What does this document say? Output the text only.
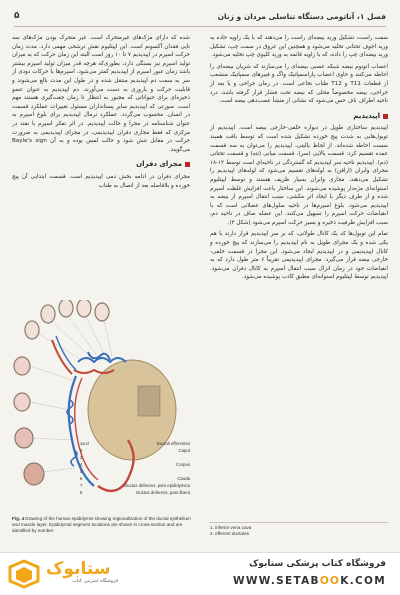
فصل ۱، آناتومی دستگاه تناسلی مردان و زنان
۵

سمت راست، تشکیل ورید بیضه‌ای راست را می‌دهند که با یک زاویه حاده به ورید اجوف تحتانی تخلیه می‌شود و همچنین این عروق در سمت چپ، تشکیل ورید بیضه‌ای چپ را داده، که با زاویه قائمه به ورید کلیوی چپ تخلیه می‌شود.

اعصاب اتونوم بیضه شبکه عصبی بیضه‌ای را می‌سازند که شریان بیضه‌ای را احاطه می‌کنند و حاوی اعصاب پاراسمپاتیک واگ و فیبرهای سمپاتیک منشعب از قطعات T11 و T12 طناب نخاعی است. در زمان جراحی و یا بعد از جراحی، بیضه مخصوصاً محلی که بیضه تحت فشار قرار گرفته باشد، درد ناحیه اطراف ناف حس می‌شود که نشانی از منشأ عصب‌دهی بیضه است.

اپیدیدیم

اپیدیدیم ساختاری طویل در دیواره خلفی-خارجی بیضه است. اپیدیدیم از توبول‌هایی به شدت پیچ خورده تشکیل شده است که توسط بافت همبند سست احاطه شده‌اند. از لحاظ بالینی، اپیدیدیم را می‌توان به سه قسمت عمده تقسیم کرد: قسمت بالایی (سر)، قسمت میانی (تنه) و قسمت تحتانی (دم). اپیدیدیم ناحیه سر اپیدیدیم که گستردگی در ناحیه‌ای است توسط ۱۲-۱۸ مجرای وابران (اراقن) به لوله‌های تقسیم می‌شود که لوله‌های اپیدیدیم را تشکیل می‌دهند. مجاری وابران بسیار ظریف هستند و توسط اپیتلیوم استوانه‌ای مژه‌دار پوشیده می‌شوند. این ساختار باعث افزایش غلظت اسپرم شده و از طرف دیگر با ایجاد اثر مکشی، سبب انتقال اسپرم از بیضه به اپیدیدیم می‌شود. بلوغ اسپرم‌ها در ناحیه سلول‌های عضلانی است که با انقباضات حرکت اسپرم را تسهیل می‌کنند. این عضله صاف در ناحیه دم، سبب افزایش ظرفیت ذخیره و بسیر حرکت اسپرم می‌شود (شکل ۴).

تمام این توبول‌ها که یک کانال طولانی، که بر سر اپیدیدیم قرار دارند با هم یکی شده و یک مجرای طویل به نام اپیدیدیم را می‌سازند که پیچ خورده و کانال اپیدیدیمی و در اپیدیدیم ایجاد می‌شود. این مجرا در قسمت خلفی-خارجی بیضه قرار می‌گیرد. مجرای اپیدیدیمی تقریباً ۶ متر طول دارد که به انقباضات خود در زمان انزال سبب انتقال اسپرم به کانال دفران می‌شود. اپیدیدیم توسط اپیتلیوم استوانه‌ای مطبق کاذب پوشیده می‌شود.

شده که دارای مژک‌های غیرمتحرک است. غیر متحرک بودن مژک‌های سه تایی فقدان آکسونم است. این اپیتلیوم نقش ترشحی مهمی دارد. مدت زمان حرکت اسپرم در اپیدیدیم ۷ تا ۱۰ روز است البته این زمان حرکت که به میزان تولید اسپرم نیز بستگی دارد، بطوری‌که هرچه قدر میزان تولید اسپرم بیشتر باشد زمان عبور اسپرم از اپیدیدیم کمتر می‌شود. اسپرم‌ها با حرکات دودی از سر به سمت دم اپیدیدیم منتقل شده و در طول این مدت بالغ می‌شوند و قابلیت حرکت و باروری به دست می‌آورند. دم اپیدیدیم به عنوان عضو ذخیره‌ای برای حیواناتی که مجبور به انتظار تا زمان جفت‌گیری هستند مهم است. صورتی که اپیدیدیم سایر پستانداران مسئول تغییرات عملکرد قسمت در انسان. محسوب می‌گردد. عملکرد نرمال اپیدیدیم برای بلوغ اسپرم به عنوان شناسنامه در مجرا و حالت اپیدیدیم. در اثر تفکر اسپرم با نفتد در مرکزی که فقط مجاری دفران اپیدیدیمی، در مجرای اپیدیدیمی به ضرورت حرکت در مقابل تنش شود و حالت لمس بوده و به آن Bayle's sign می‌گویند.

مجرای دفران

مجرای دفران در ادامه بخش دمی اپیدیدیم است. قسمت ابتدایی آن پیچ خورده و بلافاصله بعد از اتصال به طناب

1a-d	Ductuli efferentes
2	Caput
3
4	Corpus
5
6	Cauda
7	Ductus deferens, pars epididymica
8	Ductus deferens, pars libera
Fig. 4 Drawing of the human epididymis showing regionalization of the ductal epithelium and muscle layer. Epididymal segment locations are shown in cross-section and are identified by number
1. inferior vena cava
2. efferent ductules
ستابوک
فروشگاه اینترنتی کتاب
فروشگاه کتاب پزشکی ستابوک
WWW.SETABOOK.COM
